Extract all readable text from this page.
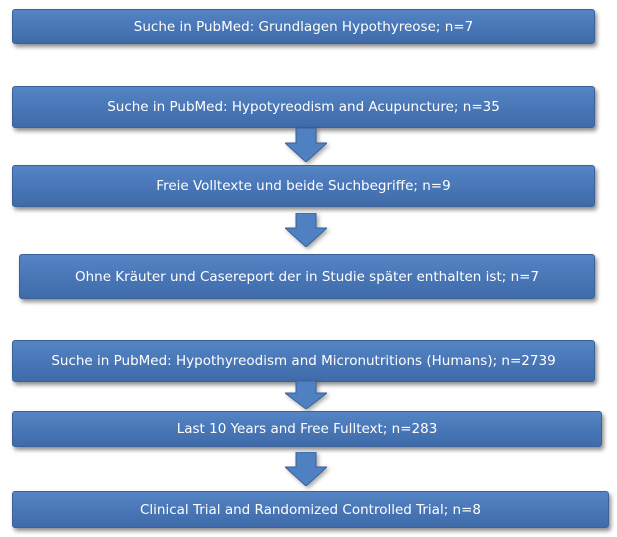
Suche in PubMed: Grundlagen Hypothyreose; n=7
Suche in PubMed: Hypotyreodism and Acupuncture; n=35
Freie Volltexte und beide Suchbegriffe; n=9
Ohne Kräuter und Casereport der in Studie später enthalten ist; n=7
Suche in PubMed: Hypothyreodism and Micronutritions (Humans); n=2739
Last 10 Years and Free Fulltext; n=283
Clinical Trial and Randomized Controlled Trial; n=8
